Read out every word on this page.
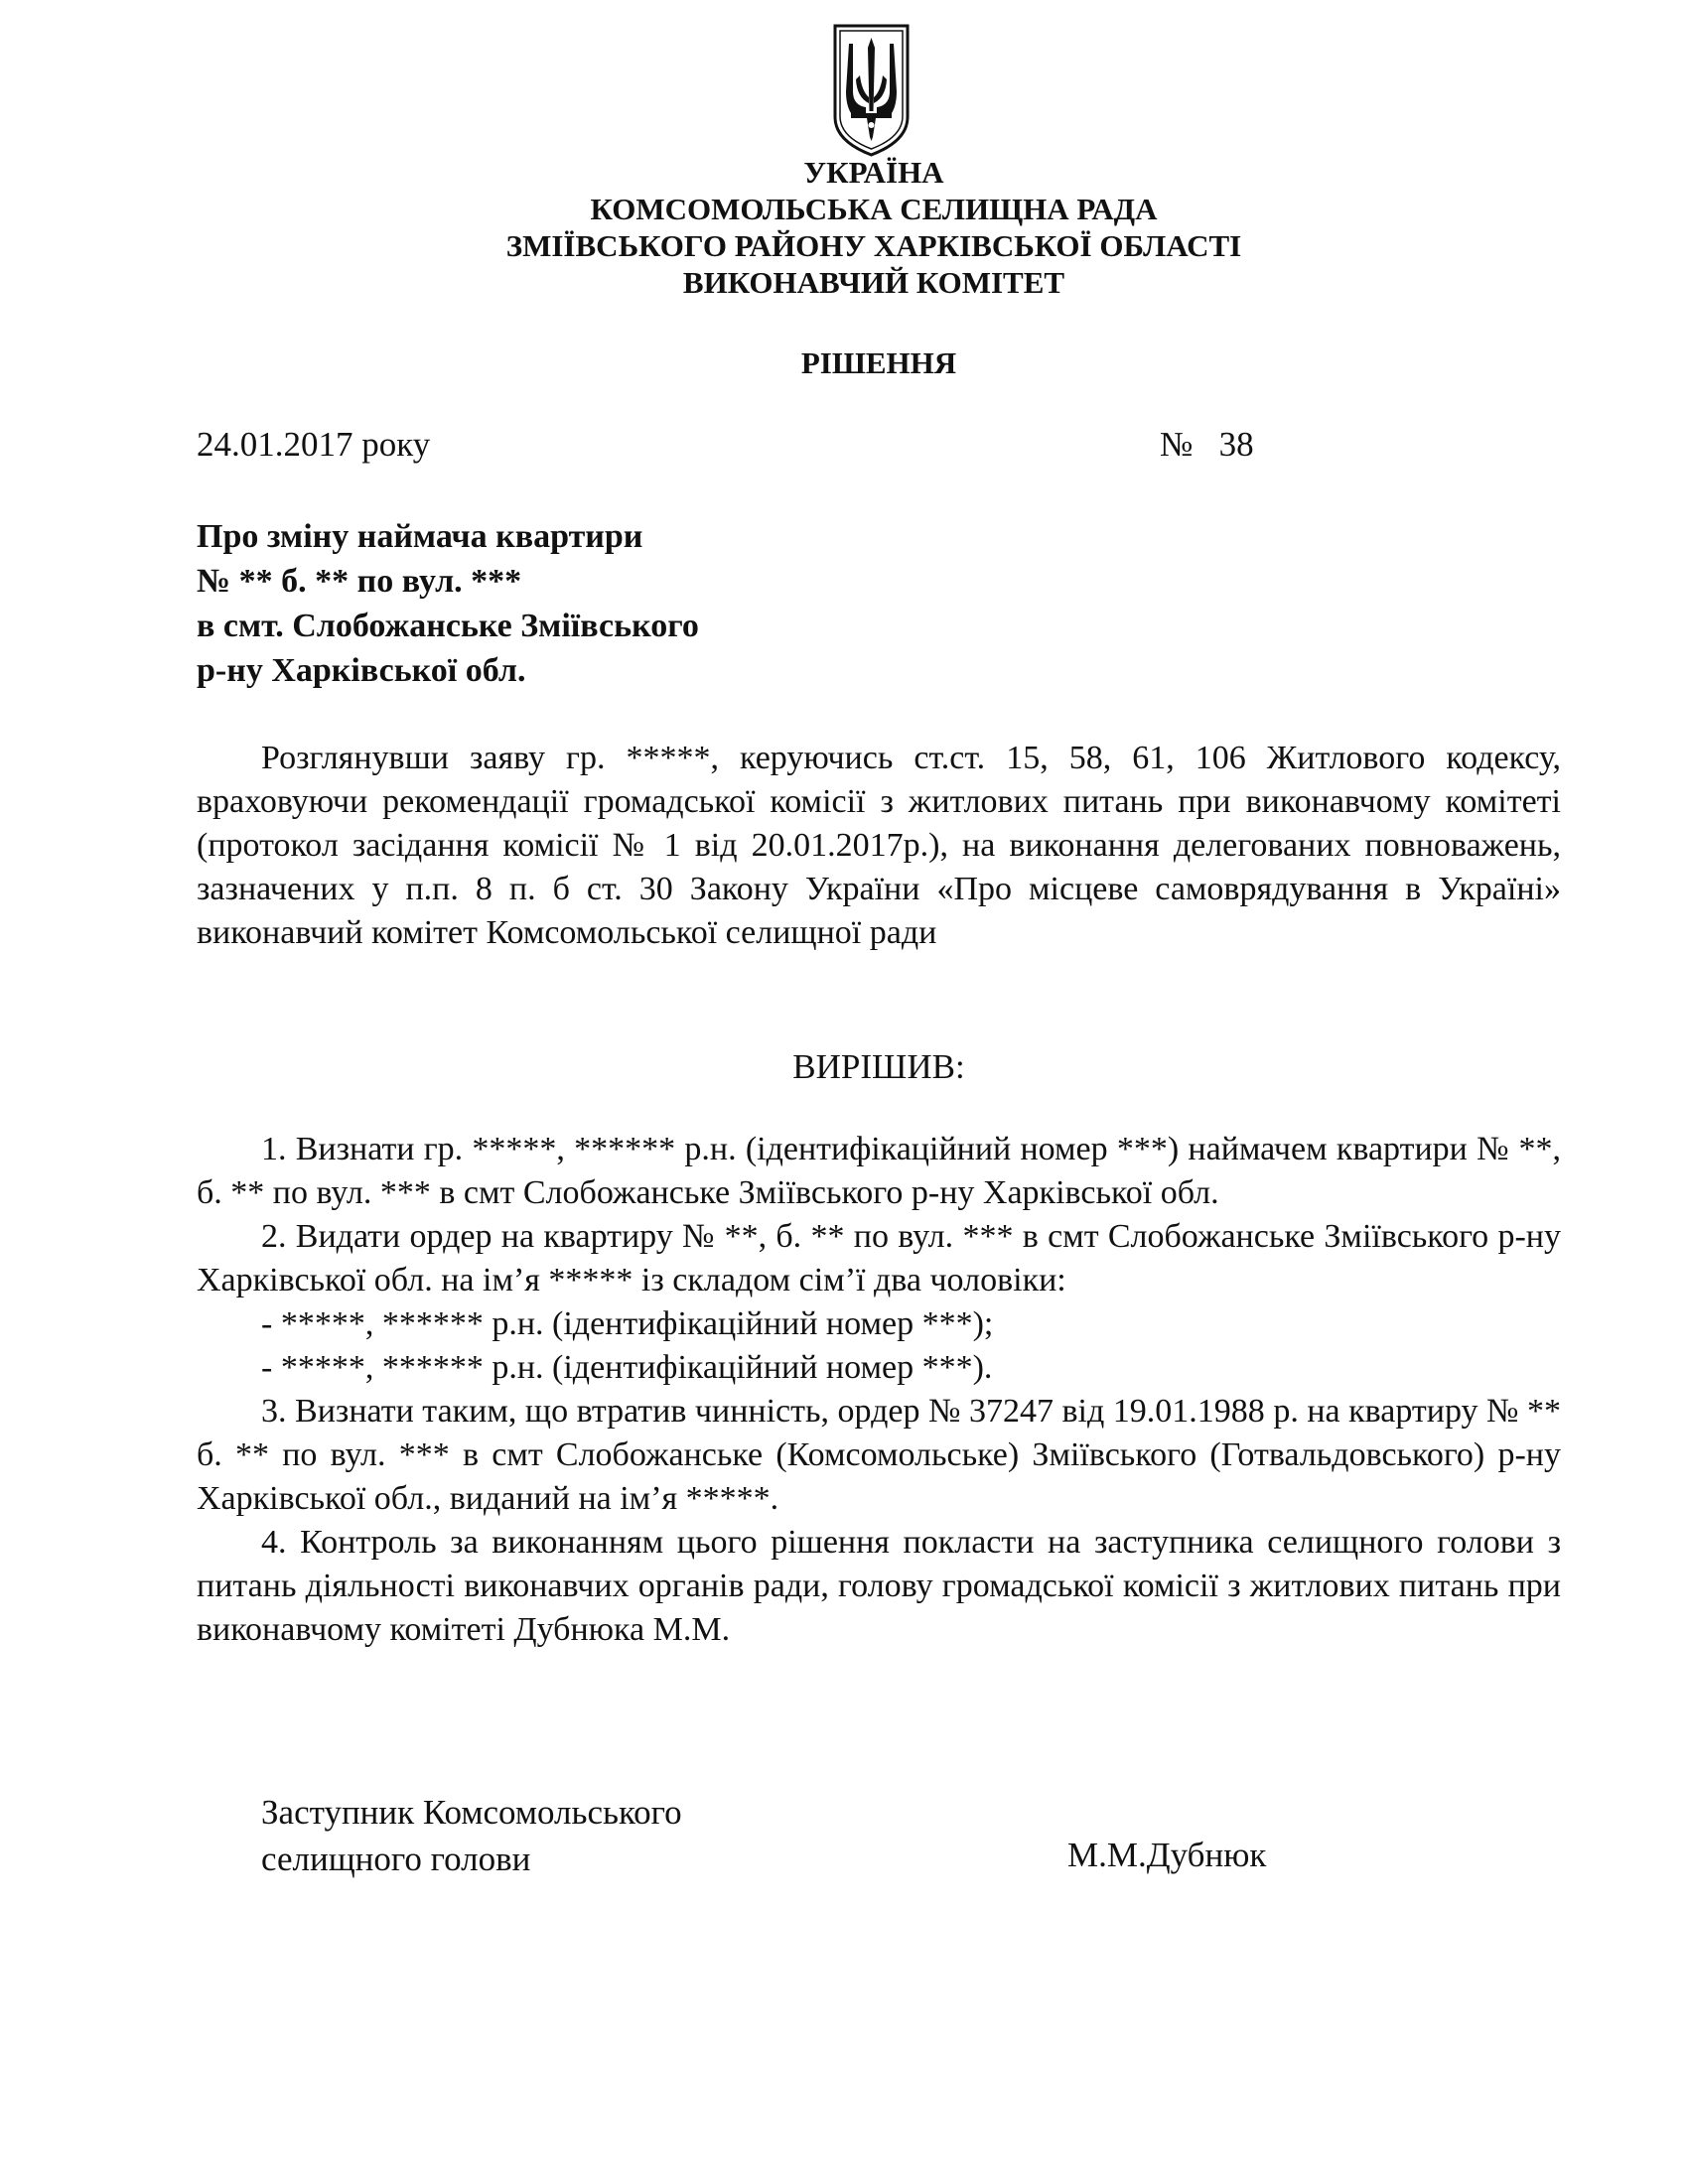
УКРАЇНА
КОМСОМОЛЬСЬКА СЕЛИЩНА РАДА
ЗМІЇВСЬКОГО РАЙОНУ ХАРКІВСЬКОЇ ОБЛАСТІ
ВИКОНАВЧИЙ КОМІТЕТ
РІШЕННЯ
24.01.2017 року	№   38
Про зміну наймача квартири
№ ** б. ** по вул. ***
в смт. Слобожанське Зміївського
р-ну Харківської обл.

Розглянувши заяву гр. *****, керуючись ст.ст. 15, 58, 61, 106 Житлового кодексу, враховуючи рекомендації громадської комісії з житлових питань при виконавчому комітеті (протокол засідання комісії № 1 від 20.01.2017р.), на виконання делегованих повноважень, зазначених у п.п. 8 п. б ст. 30 Закону України «Про місцеве самоврядування в Україні» виконавчий комітет Комсомольської селищної ради

ВИРІШИВ:

1. Визнати гр. *****, ****** р.н. (ідентифікаційний номер ***) наймачем квартири № **, б. ** по вул. *** в смт Слобожанське Зміївського р-ну Харківської обл.

2. Видати ордер на квартиру № **, б. ** по вул. *** в смт Слобожанське Зміївського р-ну Харківської обл. на ім’я ***** із складом сім’ї два чоловіки:

- *****, ****** р.н. (ідентифікаційний номер ***);

- *****, ****** р.н. (ідентифікаційний номер ***).

3. Визнати таким, що втратив чинність, ордер № 37247 від 19.01.1988 р. на квартиру № ** б. ** по вул. *** в смт Слобожанське (Комсомольське) Зміївського (Готвальдовського) р-ну Харківської обл., виданий на ім’я *****.

4. Контроль за виконанням цього рішення покласти на заступника селищного голови з питань діяльності виконавчих органів ради, голову громадської комісії з житлових питань при виконавчому комітеті Дубнюка М.М.

Заступник Комсомольського
селищного голови	М.М.Дубнюк
